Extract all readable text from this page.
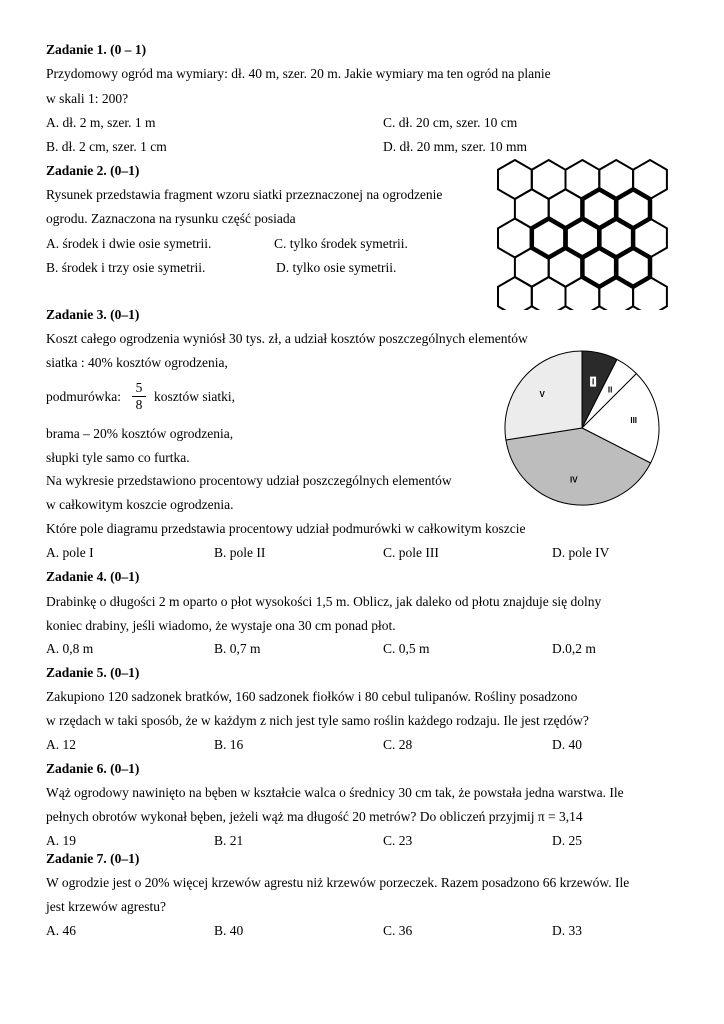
Zadanie 1. (0 – 1)
Przydomowy ogród ma wymiary: dł. 40 m, szer. 20 m. Jakie wymiary ma ten ogród na planie
w skali 1: 200?
A. dł. 2 m, szer. 1 m	C. dł. 20 cm, szer. 10 cm
B. dł. 2 cm, szer. 1 cm	D. dł. 20 mm, szer. 10 mm
Zadanie 2. (0–1)
Rysunek przedstawia fragment wzoru siatki przeznaczonej na ogrodzenie
ogrodu. Zaznaczona na rysunku część posiada
A. środek i dwie osie symetrii.	C. tylko środek symetrii.
B. środek i trzy osie symetrii.	D. tylko osie symetrii.
Zadanie 3. (0–1)
Koszt całego ogrodzenia wyniósł 30 tys. zł, a udział kosztów poszczególnych elementów
siatka : 40% kosztów ogrodzenia,
podmurówka: $\frac{5}{8}$ kosztów siatki,
brama – 20% kosztów ogrodzenia,
słupki tyle samo co furtka.
Na wykresie przedstawiono procentowy udział poszczególnych elementów
w całkowitym koszcie ogrodzenia.
Które pole diagramu przedstawia procentowy udział podmurówki w całkowitym koszcie
A. pole I	B. pole II	C. pole III	D. pole IV
I
II
III
IV
V
Zadanie 4. (0–1)
Drabinkę o długości 2 m oparto o płot wysokości 1,5 m. Oblicz, jak daleko od płotu znajduje się dolny
koniec drabiny, jeśli wiadomo, że wystaje ona 30 cm ponad płot.
A. 0,8 m	B. 0,7 m	C. 0,5 m	D.0,2 m
Zadanie 5. (0–1)
Zakupiono 120 sadzonek bratków, 160 sadzonek fiołków i 80 cebul tulipanów. Rośliny posadzono
w rzędach w taki sposób, że w każdym z nich jest tyle samo roślin każdego rodzaju. Ile jest rzędów?
A. 12	B. 16	C. 28	D. 40
Zadanie 6. (0–1)
Wąż ogrodowy nawinięto na bęben w kształcie walca o średnicy 30 cm tak, że powstała jedna warstwa. Ile
pełnych obrotów wykonał bęben, jeżeli wąż ma długość 20 metrów? Do obliczeń przyjmij π = 3,14
A. 19	B. 21	C. 23	D. 25
Zadanie 7. (0–1)
W ogrodzie jest o 20% więcej krzewów agrestu niż krzewów porzeczek. Razem posadzono 66 krzewów. Ile
jest krzewów agrestu?
A. 46	B. 40	C. 36	D. 33
